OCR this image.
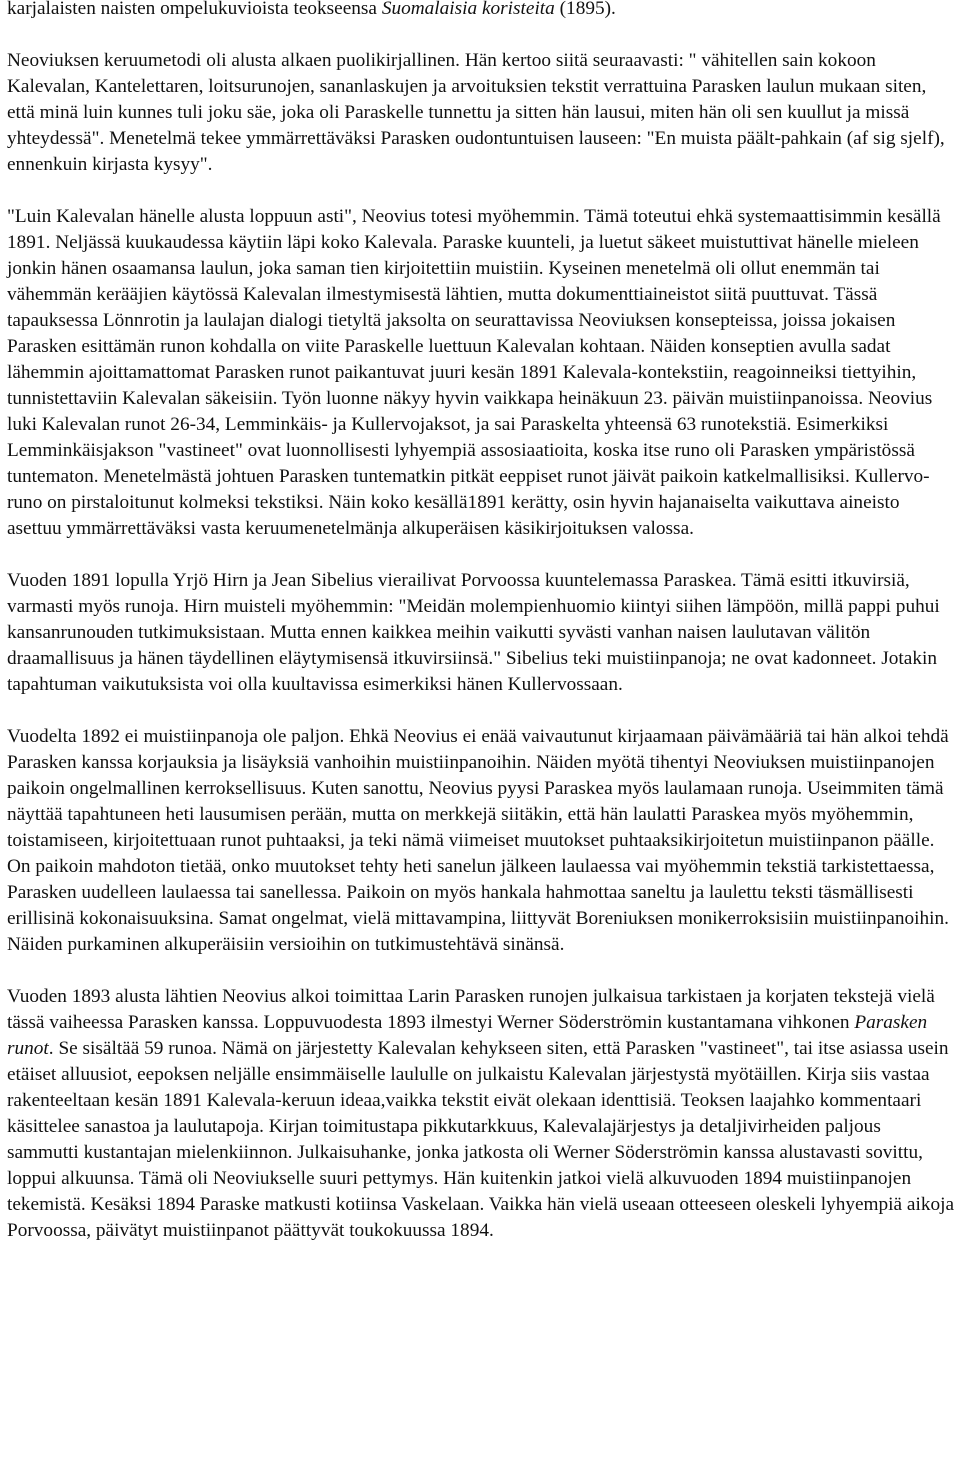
karjalaisten naisten ompelukuvioista teokseensa Suomalaisia koristeita (1895).

Neoviuksen keruumetodi oli alusta alkaen puolikirjallinen. Hän kertoo siitä seuraavasti: " vähitellen sain kokoon Kalevalan, Kantelettaren, loitsurunojen, sananlaskujen ja arvoituksien tekstit verrattuina Parasken laulun mukaan siten, että minä luin kunnes tuli joku säe, joka oli Paraskelle tunnettu ja sitten hän lausui, miten hän oli sen kuullut ja missä yhteydessä". Menetelmä tekee ymmärrettäväksi Parasken oudontuntuisen lauseen: "En muista päält-pahkain (af sig sjelf), ennenkuin kirjasta kysyy".

"Luin Kalevalan hänelle alusta loppuun asti", Neovius totesi myöhemmin. Tämä toteutui ehkä systemaattisimmin kesällä 1891. Neljässä kuukaudessa käytiin läpi koko Kalevala. Paraske kuunteli, ja luetut säkeet muistuttivat hänelle mieleen jonkin hänen osaamansa laulun, joka saman tien kirjoitettiin muistiin. Kyseinen menetelmä oli ollut enemmän tai vähemmän kerääjien käytössä Kalevalan ilmestymisestä lähtien, mutta dokumenttiaineistot siitä puuttuvat. Tässä tapauksessa Lönnrotin ja laulajan dialogi tietyltä jaksolta on seurattavissa Neoviuksen konsepteissa, joissa jokaisen Parasken esittämän runon kohdalla on viite Paraskelle luettuun Kalevalan kohtaan. Näiden konseptien avulla sadat lähemmin ajoittamattomat Parasken runot paikantuvat juuri kesän 1891 Kalevala-kontekstiin, reagoinneiksi tiettyihin, tunnistettaviin Kalevalan säkeisiin. Työn luonne näkyy hyvin vaikkapa heinäkuun 23. päivän muistiinpanoissa. Neovius luki Kalevalan runot 26-34, Lemminkäis- ja Kullervojaksot, ja sai Paraskelta yhteensä 63 runotekstiä. Esimerkiksi Lemminkäisjakson "vastineet" ovat luonnollisesti lyhyempiä assosiaatioita, koska itse runo oli Parasken ympäristössä tuntematon. Menetelmästä johtuen Parasken tuntematkin pitkät eeppiset runot jäivät paikoin katkelmallisiksi. Kullervo-runo on pirstaloitunut kolmeksi tekstiksi. Näin koko kesällä1891 kerätty, osin hyvin hajanaiselta vaikuttava aineisto asettuu ymmärrettäväksi vasta keruumenetelmänja alkuperäisen käsikirjoituksen valossa.

Vuoden 1891 lopulla Yrjö Hirn ja Jean Sibelius vierailivat Porvoossa kuuntelemassa Paraskea. Tämä esitti itkuvirsiä, varmasti myös runoja. Hirn muisteli myöhemmin: "Meidän molempienhuomio kiintyi siihen lämpöön, millä pappi puhui kansanrunouden tutkimuksistaan. Mutta ennen kaikkea meihin vaikutti syvästi vanhan naisen laulutavan välitön draamallisuus ja hänen täydellinen eläytymisensä itkuvirsiinsä." Sibelius teki muistiinpanoja; ne ovat kadonneet. Jotakin tapahtuman vaikutuksista voi olla kuultavissa esimerkiksi hänen Kullervossaan.

Vuodelta 1892 ei muistiinpanoja ole paljon. Ehkä Neovius ei enää vaivautunut kirjaamaan päivämääriä tai hän alkoi tehdä Parasken kanssa korjauksia ja lisäyksiä vanhoihin muistiinpanoihin. Näiden myötä tihentyi Neoviuksen muistiinpanojen paikoin ongelmallinen kerroksellisuus. Kuten sanottu, Neovius pyysi Paraskea myös laulamaan runoja. Useimmiten tämä näyttää tapahtuneen heti lausumisen perään, mutta on merkkejä siitäkin, että hän laulatti Paraskea myös myöhemmin, toistamiseen, kirjoitettuaan runot puhtaaksi, ja teki nämä viimeiset muutokset puhtaaksikirjoitetun muistiinpanon päälle. On paikoin mahdoton tietää, onko muutokset tehty heti sanelun jälkeen laulaessa vai myöhemmin tekstiä tarkistettaessa, Parasken uudelleen laulaessa tai sanellessa. Paikoin on myös hankala hahmottaa saneltu ja laulettu teksti täsmällisesti erillisinä kokonaisuuksina. Samat ongelmat, vielä mittavampina, liittyvät Boreniuksen monikerroksisiin muistiinpanoihin. Näiden purkaminen alkuperäisiin versioihin on tutkimustehtävä sinänsä.

Vuoden 1893 alusta lähtien Neovius alkoi toimittaa Larin Parasken runojen julkaisua tarkistaen ja korjaten tekstejä vielä tässä vaiheessa Parasken kanssa. Loppuvuodesta 1893 ilmestyi Werner Söderströmin kustantamana vihkonen Parasken runot. Se sisältää 59 runoa. Nämä on järjestetty Kalevalan kehykseen siten, että Parasken "vastineet", tai itse asiassa usein etäiset alluusiot, eepoksen neljälle ensimmäiselle laululle on julkaistu Kalevalan järjestystä myötäillen. Kirja siis vastaa rakenteeltaan kesän 1891 Kalevala-keruun ideaa,vaikka tekstit eivät olekaan identtisiä. Teoksen laajahko kommentaari käsittelee sanastoa ja laulutapoja. Kirjan toimitustapa pikkutarkkuus, Kalevalajärjestys ja detaljivirheiden paljous sammutti kustantajan mielenkiinnon. Julkaisuhanke, jonka jatkosta oli Werner Söderströmin kanssa alustavasti sovittu, loppui alkuunsa. Tämä oli Neoviukselle suuri pettymys. Hän kuitenkin jatkoi vielä alkuvuoden 1894 muistiinpanojen tekemistä. Kesäksi 1894 Paraske matkusti kotiinsa Vaskelaan. Vaikka hän vielä useaan otteeseen oleskeli lyhyempiä aikoja Porvoossa, päivätyt muistiinpanot päättyvät toukokuussa 1894.
